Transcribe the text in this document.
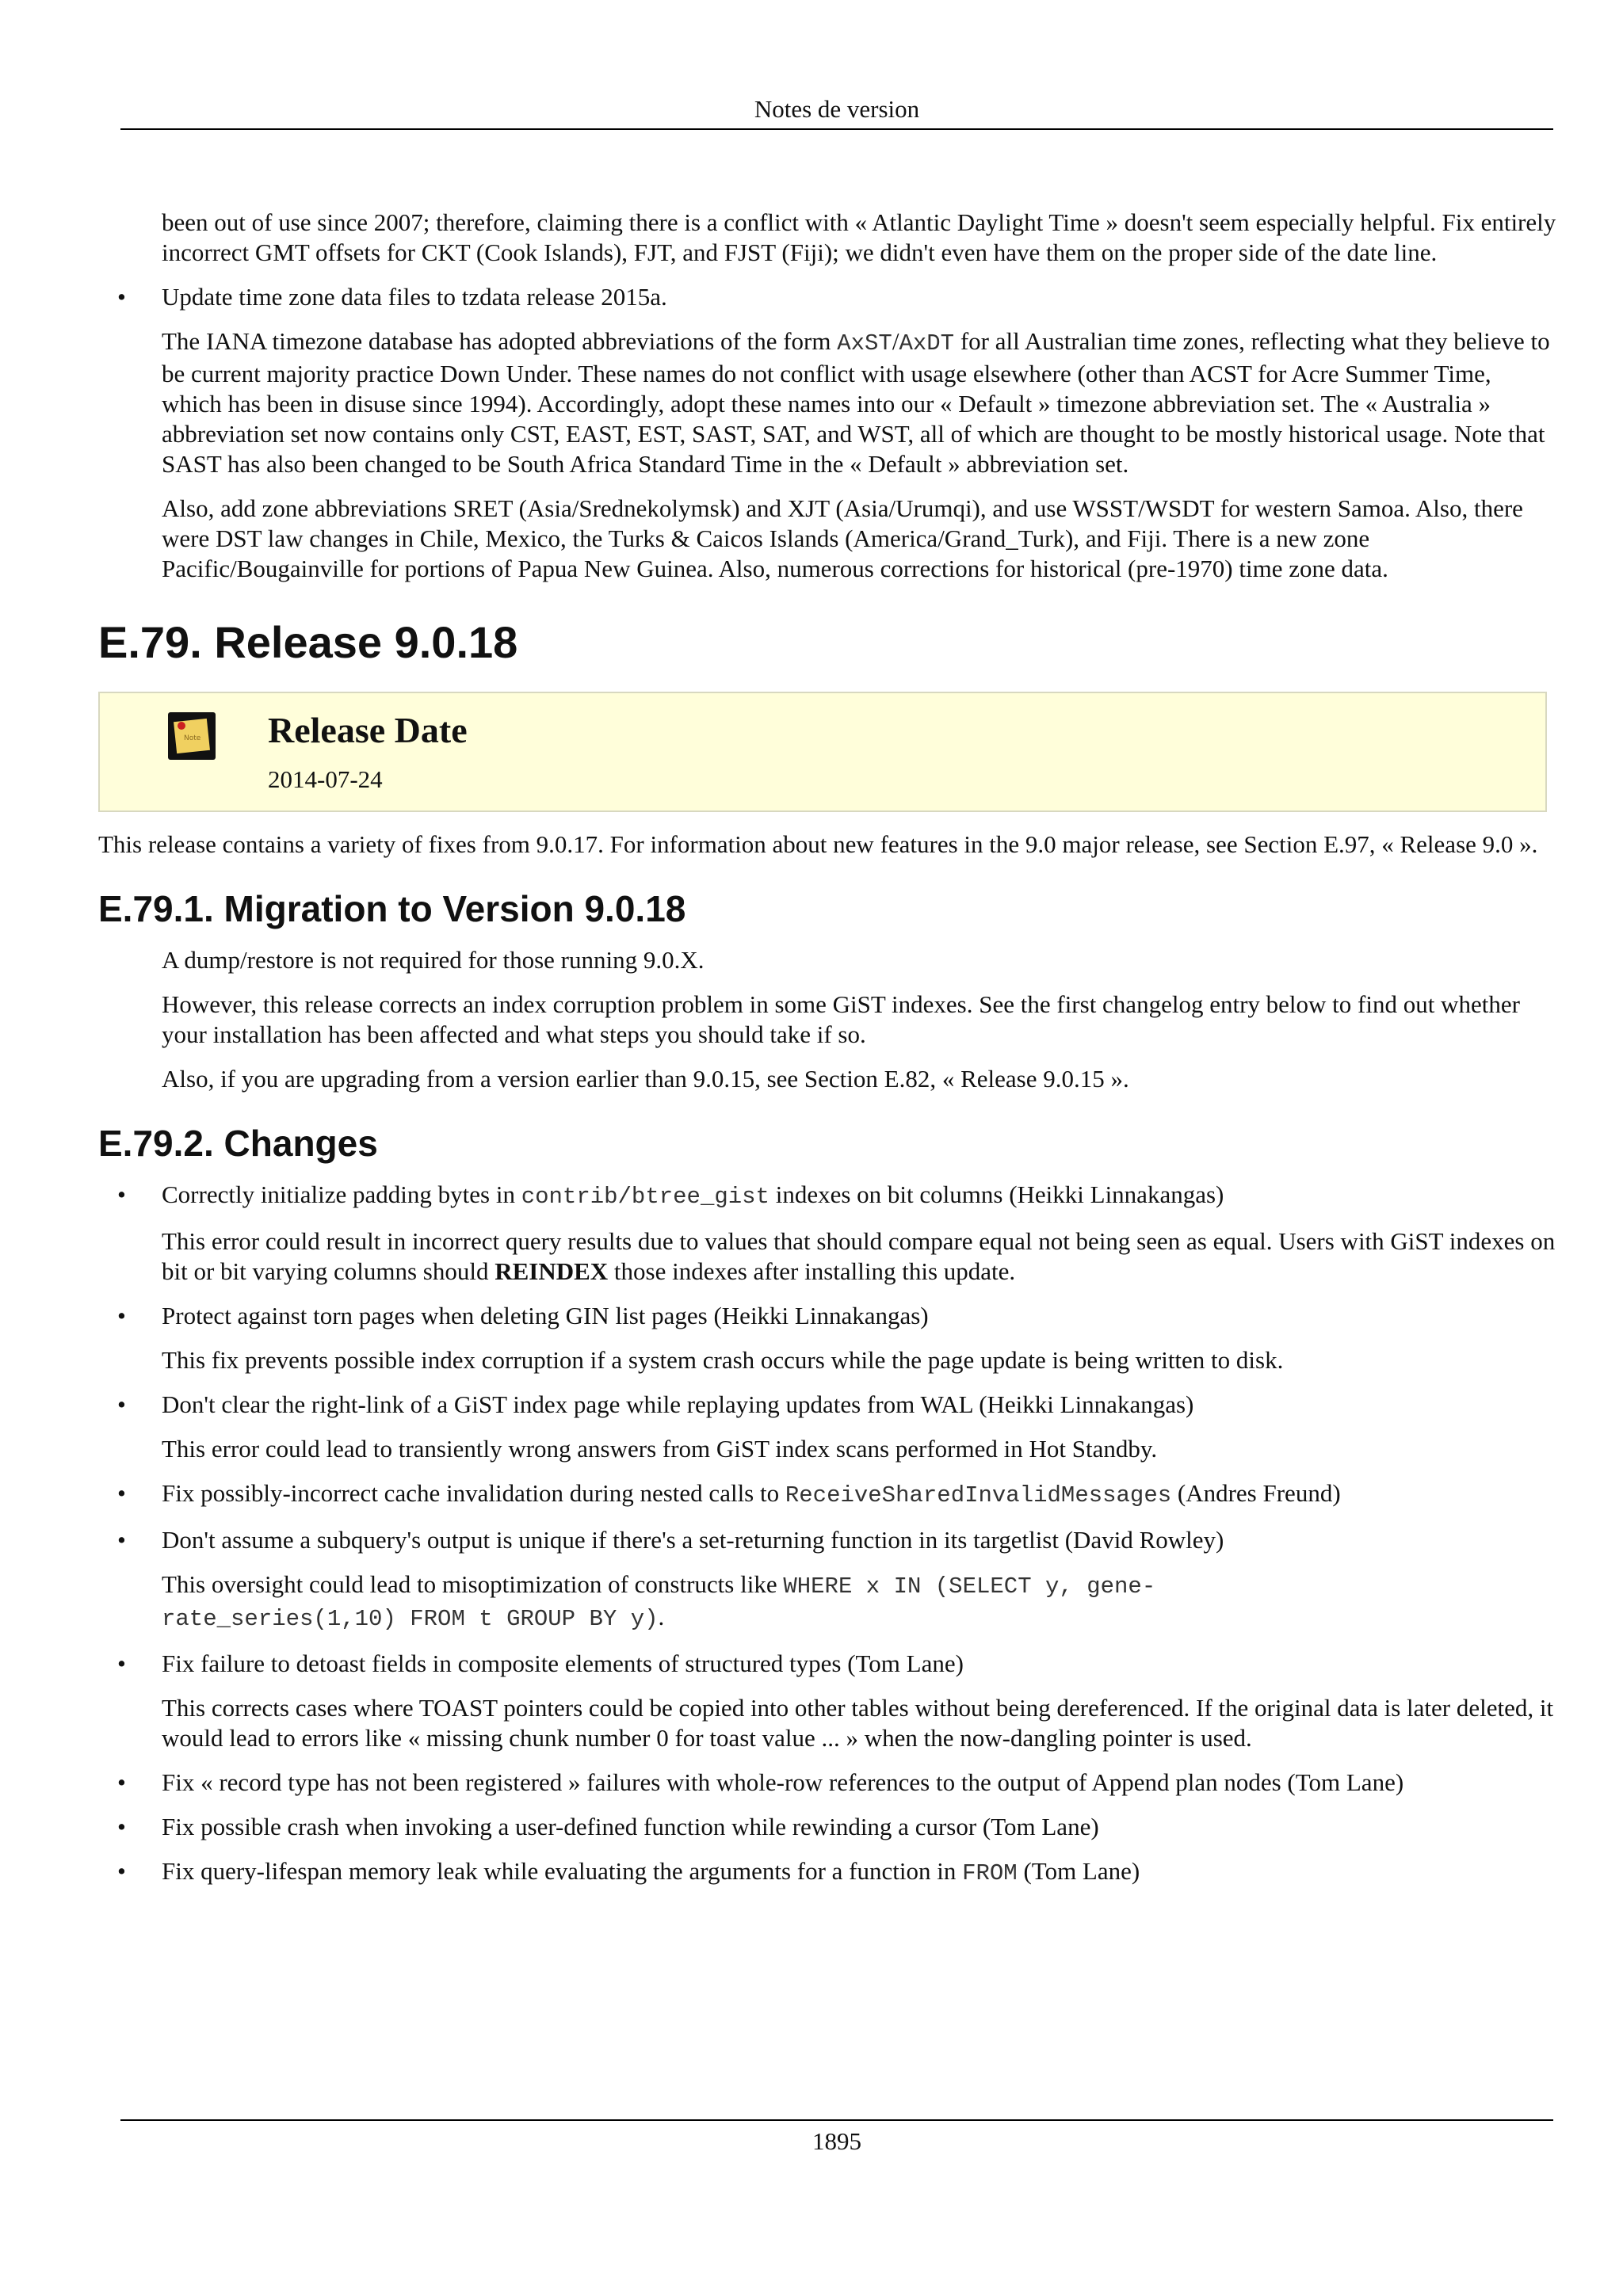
Notes de version

been out of use since 2007; therefore, claiming there is a conflict with « Atlantic Daylight Time » doesn't seem especially helpful. Fix entirely incorrect GMT offsets for CKT (Cook Islands), FJT, and FJST (Fiji); we didn't even have them on the proper side of the date line.

• Update time zone data files to tzdata release 2015a.

The IANA timezone database has adopted abbreviations of the form AxST/AxDT for all Australian time zones, reflecting what they believe to be current majority practice Down Under. These names do not conflict with usage elsewhere (other than ACST for Acre Summer Time, which has been in disuse since 1994). Accordingly, adopt these names into our « Default » timezone abbreviation set. The « Australia » abbreviation set now contains only CST, EAST, EST, SAST, SAT, and WST, all of which are thought to be mostly historical usage. Note that SAST has also been changed to be South Africa Standard Time in the « Default » abbreviation set.

Also, add zone abbreviations SRET (Asia/Srednekolymsk) and XJT (Asia/Urumqi), and use WSST/WSDT for western Samoa. Also, there were DST law changes in Chile, Mexico, the Turks & Caicos Islands (America/Grand_Turk), and Fiji. There is a new zone Pacific/Bougainville for portions of Papua New Guinea. Also, numerous corrections for historical (pre-1970) time zone data.

E.79. Release 9.0.18
Note Release Date
2014-07-24

This release contains a variety of fixes from 9.0.17. For information about new features in the 9.0 major release, see Section E.97, « Release 9.0 ».

E.79.1. Migration to Version 9.0.18

A dump/restore is not required for those running 9.0.X.

However, this release corrects an index corruption problem in some GiST indexes. See the first changelog entry below to find out whether your installation has been affected and what steps you should take if so.

Also, if you are upgrading from a version earlier than 9.0.15, see Section E.82, « Release 9.0.15 ».

E.79.2. Changes
• Correctly initialize padding bytes in contrib/btree_gist indexes on bit columns (Heikki Linnakangas)

This error could result in incorrect query results due to values that should compare equal not being seen as equal. Users with GiST indexes on bit or bit varying columns should REINDEX those indexes after installing this update.

• Protect against torn pages when deleting GIN list pages (Heikki Linnakangas)

This fix prevents possible index corruption if a system crash occurs while the page update is being written to disk.

• Don't clear the right-link of a GiST index page while replaying updates from WAL (Heikki Linnakangas)

This error could lead to transiently wrong answers from GiST index scans performed in Hot Standby.

• Fix possibly-incorrect cache invalidation during nested calls to ReceiveSharedInvalidMessages (Andres Freund)
• Don't assume a subquery's output is unique if there's a set-returning function in its targetlist (David Rowley)

This oversight could lead to misoptimization of constructs like WHERE x IN (SELECT y, gene-
rate_series(1,10) FROM t GROUP BY y).

• Fix failure to detoast fields in composite elements of structured types (Tom Lane)

This corrects cases where TOAST pointers could be copied into other tables without being dereferenced. If the original data is later deleted, it would lead to errors like « missing chunk number 0 for toast value ... » when the now-dangling pointer is used.

• Fix « record type has not been registered » failures with whole-row references to the output of Append plan nodes (Tom Lane)
• Fix possible crash when invoking a user-defined function while rewinding a cursor (Tom Lane)
• Fix query-lifespan memory leak while evaluating the arguments for a function in FROM (Tom Lane)
1895
